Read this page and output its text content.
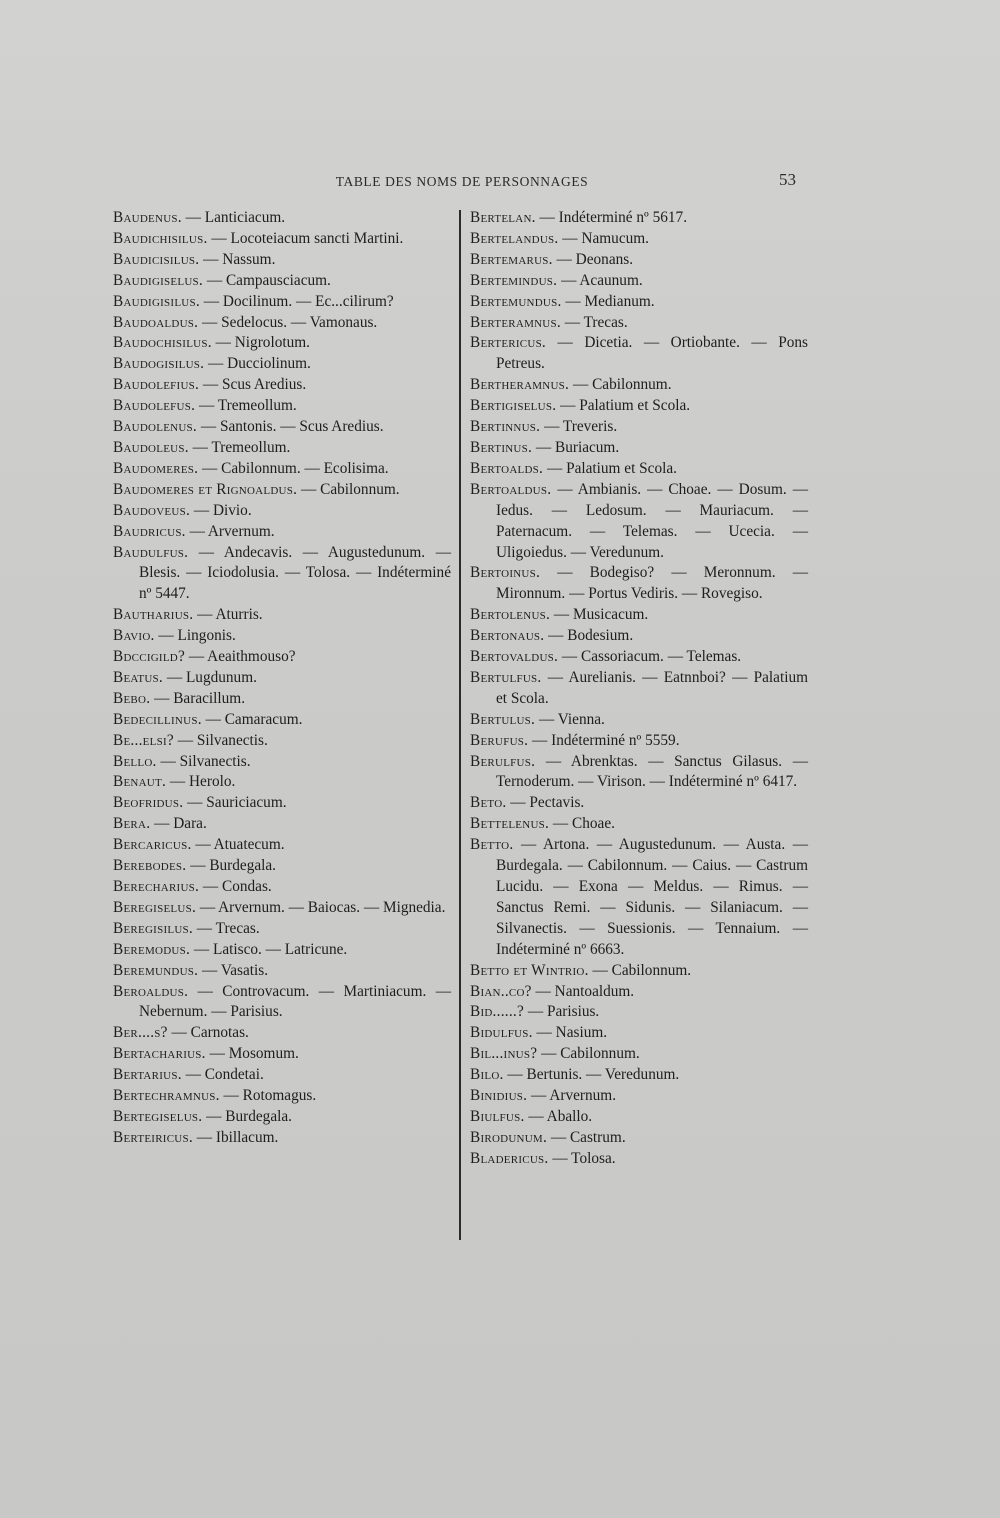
TABLE DES NOMS DE PERSONNAGES	53
Baudenus. — Lanticiacum.
Baudichisilus. — Locoteiacum sancti Martini.
Baudicisilus. — Nassum.
Baudigiselus. — Campausciacum.
Baudigisilus. — Docilinum. — Ec...cilirum?
Baudoaldus. — Sedelocus. — Vamonaus.
Baudochisilus. — Nigrolotum.
Baudogisilus. — Ducciolinum.
Baudolefius. — Scus Aredius.
Baudolefus. — Tremeollum.
Baudolenus. — Santonis. — Scus Aredius.
Baudoleus. — Tremeollum.
Baudomeres. — Cabilonnum. — Ecolisima.
Baudomeres et Rignoaldus. — Cabilonnum.
Baudoveus. — Divio.
Baudricus. — Arvernum.
Baudulfus. — Andecavis. — Augustedunum. — Blesis. — Iciodolusia. — Tolosa. — Indéterminé nº 5447.
Bautharius. — Aturris.
Bavio. — Lingonis.
Bdccigild? — Aeaithmouso?
Beatus. — Lugdunum.
Bebo. — Baracillum.
Bedecillinus. — Camaracum.
Be...elsi? — Silvanectis.
Bello. — Silvanectis.
Benaut. — Herolo.
Beofridus. — Sauriciacum.
Bera. — Dara.
Bercaricus. — Atuatecum.
Berebodes. — Burdegala.
Berecharius. — Condas.
Beregiselus. — Arvernum. — Baiocas. — Mignedia.
Beregisilus. — Trecas.
Beremodus. — Latisco. — Latricune.
Beremundus. — Vasatis.
Beroaldus. — Controvacum. — Martiniacum. — Nebernum. — Parisius.
Ber....s? — Carnotas.
Bertacharius. — Mosomum.
Bertarius. — Condetai.
Bertechramnus. — Rotomagus.
Bertegiselus. — Burdegala.
Berteiricus. — Ibillacum.
Bertelan. — Indéterminé nº 5617.
Bertelandus. — Namucum.
Bertemarus. — Deonans.
Bertemindus. — Acaunum.
Bertemundus. — Medianum.
Berteramnus. — Trecas.
Bertericus. — Dicetia. — Ortiobante. — Pons Petreus.
Bertheramnus. — Cabilonnum.
Bertigiselus. — Palatium et Scola.
Bertinnus. — Treveris.
Bertinus. — Buriacum.
Bertoalds. — Palatium et Scola.
Bertoaldus. — Ambianis. — Choae. — Dosum. — Iedus. — Ledosum. — Mauriacum. — Paternacum. — Telemas. — Ucecia. — Uligoiedus. — Veredunum.
Bertoinus. — Bodegiso? — Meronnum. — Mironnum. — Portus Vediris. — Rovegiso.
Bertolenus. — Musicacum.
Bertonaus. — Bodesium.
Bertovaldus. — Cassoriacum. — Telemas.
Bertulfus. — Aurelianis. — Eatnnboi? — Palatium et Scola.
Bertulus. — Vienna.
Berufus. — Indéterminé nº 5559.
Berulfus. — Abrenktas. — Sanctus Gilasus. — Ternoderum. — Virison. — Indéterminé nº 6417.
Beto. — Pectavis.
Bettelenus. — Choae.
Betto. — Artona. — Augustedunum. — Austa. — Burdegala. — Cabilonnum. — Caius. — Castrum Lucidu. — Exona — Meldus. — Rimus. — Sanctus Remi. — Sidunis. — Silaniacum. — Silvanectis. — Suessionis. — Tennaium. — Indéterminé nº 6663.
Betto et Wintrio. — Cabilonnum.
Bian..co? — Nantoaldum.
Bid......? — Parisius.
Bidulfus. — Nasium.
Bil...inus? — Cabilonnum.
Bilo. — Bertunis. — Veredunum.
Binidius. — Arvernum.
Biulfus. — Aballo.
Birodunum. — Castrum.
Bladericus. — Tolosa.
